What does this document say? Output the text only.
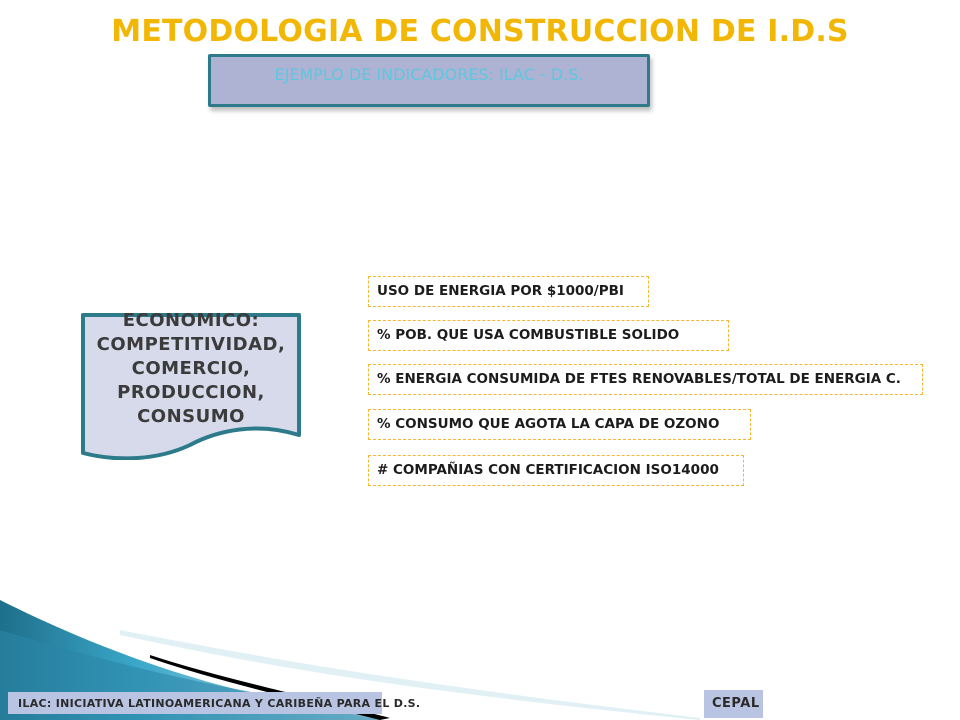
METODOLOGIA DE CONSTRUCCION DE I.D.S
EJEMPLO DE INDICADORES: ILAC - D.S.
ECONOMICO:
COMPETITIVIDAD,
COMERCIO,
PRODUCCION,
CONSUMO
USO DE ENERGIA POR $1000/PBI
% POB. QUE USA COMBUSTIBLE SOLIDO
% ENERGIA CONSUMIDA DE FTES RENOVABLES/TOTAL DE ENERGIA C.
% CONSUMO QUE AGOTA LA CAPA DE OZONO
# COMPAÑIAS CON CERTIFICACION ISO14000
ILAC: INICIATIVA LATINOAMERICANA Y CARIBEÑA PARA EL D.S.	CEPAL
